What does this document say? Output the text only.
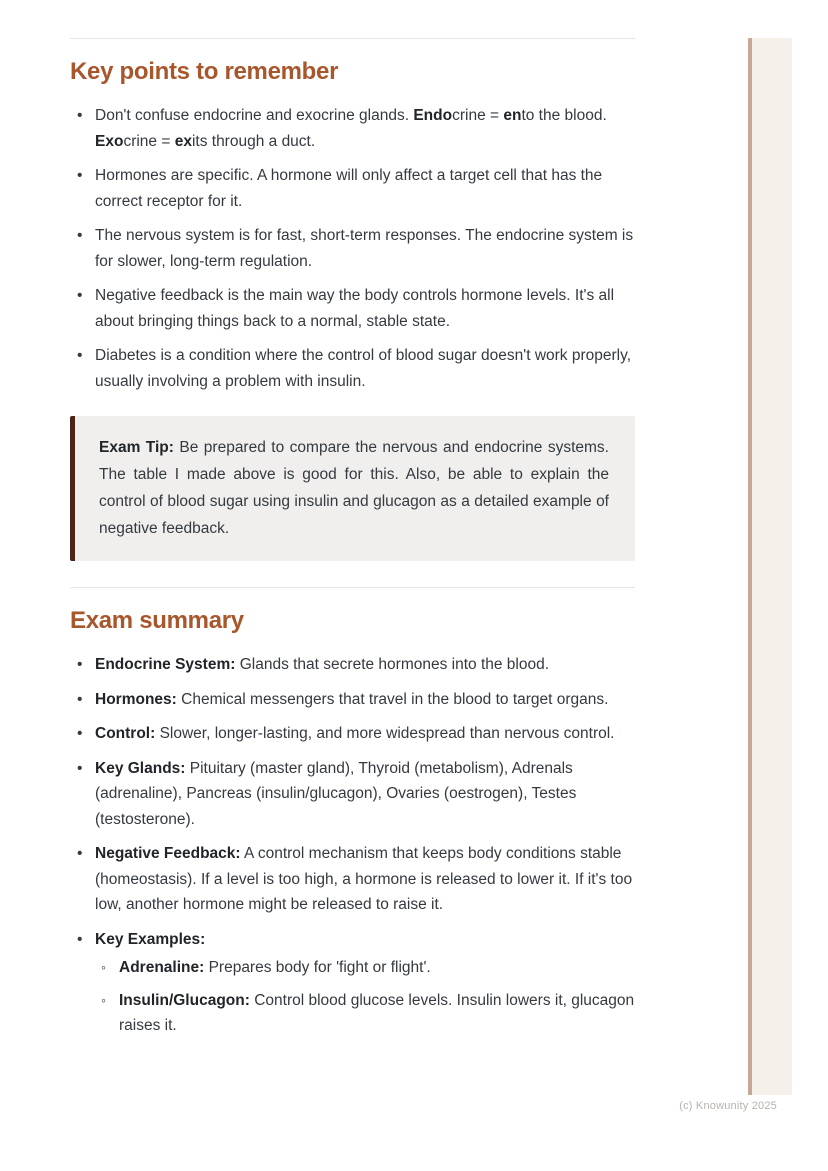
Key points to remember
• Don't confuse endocrine and exocrine glands. Endocrine = ento the blood. Exocrine = exits through a duct.
• Hormones are specific. A hormone will only affect a target cell that has the correct receptor for it.
• The nervous system is for fast, short-term responses. The endocrine system is for slower, long-term regulation.
• Negative feedback is the main way the body controls hormone levels. It's all about bringing things back to a normal, stable state.
• Diabetes is a condition where the control of blood sugar doesn't work properly, usually involving a problem with insulin.
Exam Tip: Be prepared to compare the nervous and endocrine systems. The table I made above is good for this. Also, be able to explain the control of blood sugar using insulin and glucagon as a detailed example of negative feedback.
Exam summary
• Endocrine System: Glands that secrete hormones into the blood.
• Hormones: Chemical messengers that travel in the blood to target organs.
• Control: Slower, longer-lasting, and more widespread than nervous control.
• Key Glands: Pituitary (master gland), Thyroid (metabolism), Adrenals (adrenaline), Pancreas (insulin/glucagon), Ovaries (oestrogen), Testes (testosterone).
• Negative Feedback: A control mechanism that keeps body conditions stable (homeostasis). If a level is too high, a hormone is released to lower it. If it's too low, another hormone might be released to raise it.
• Key Examples:
◦ Adrenaline: Prepares body for 'fight or flight'.
◦ Insulin/Glucagon: Control blood glucose levels. Insulin lowers it, glucagon raises it.
(c) Knowunity 2025
